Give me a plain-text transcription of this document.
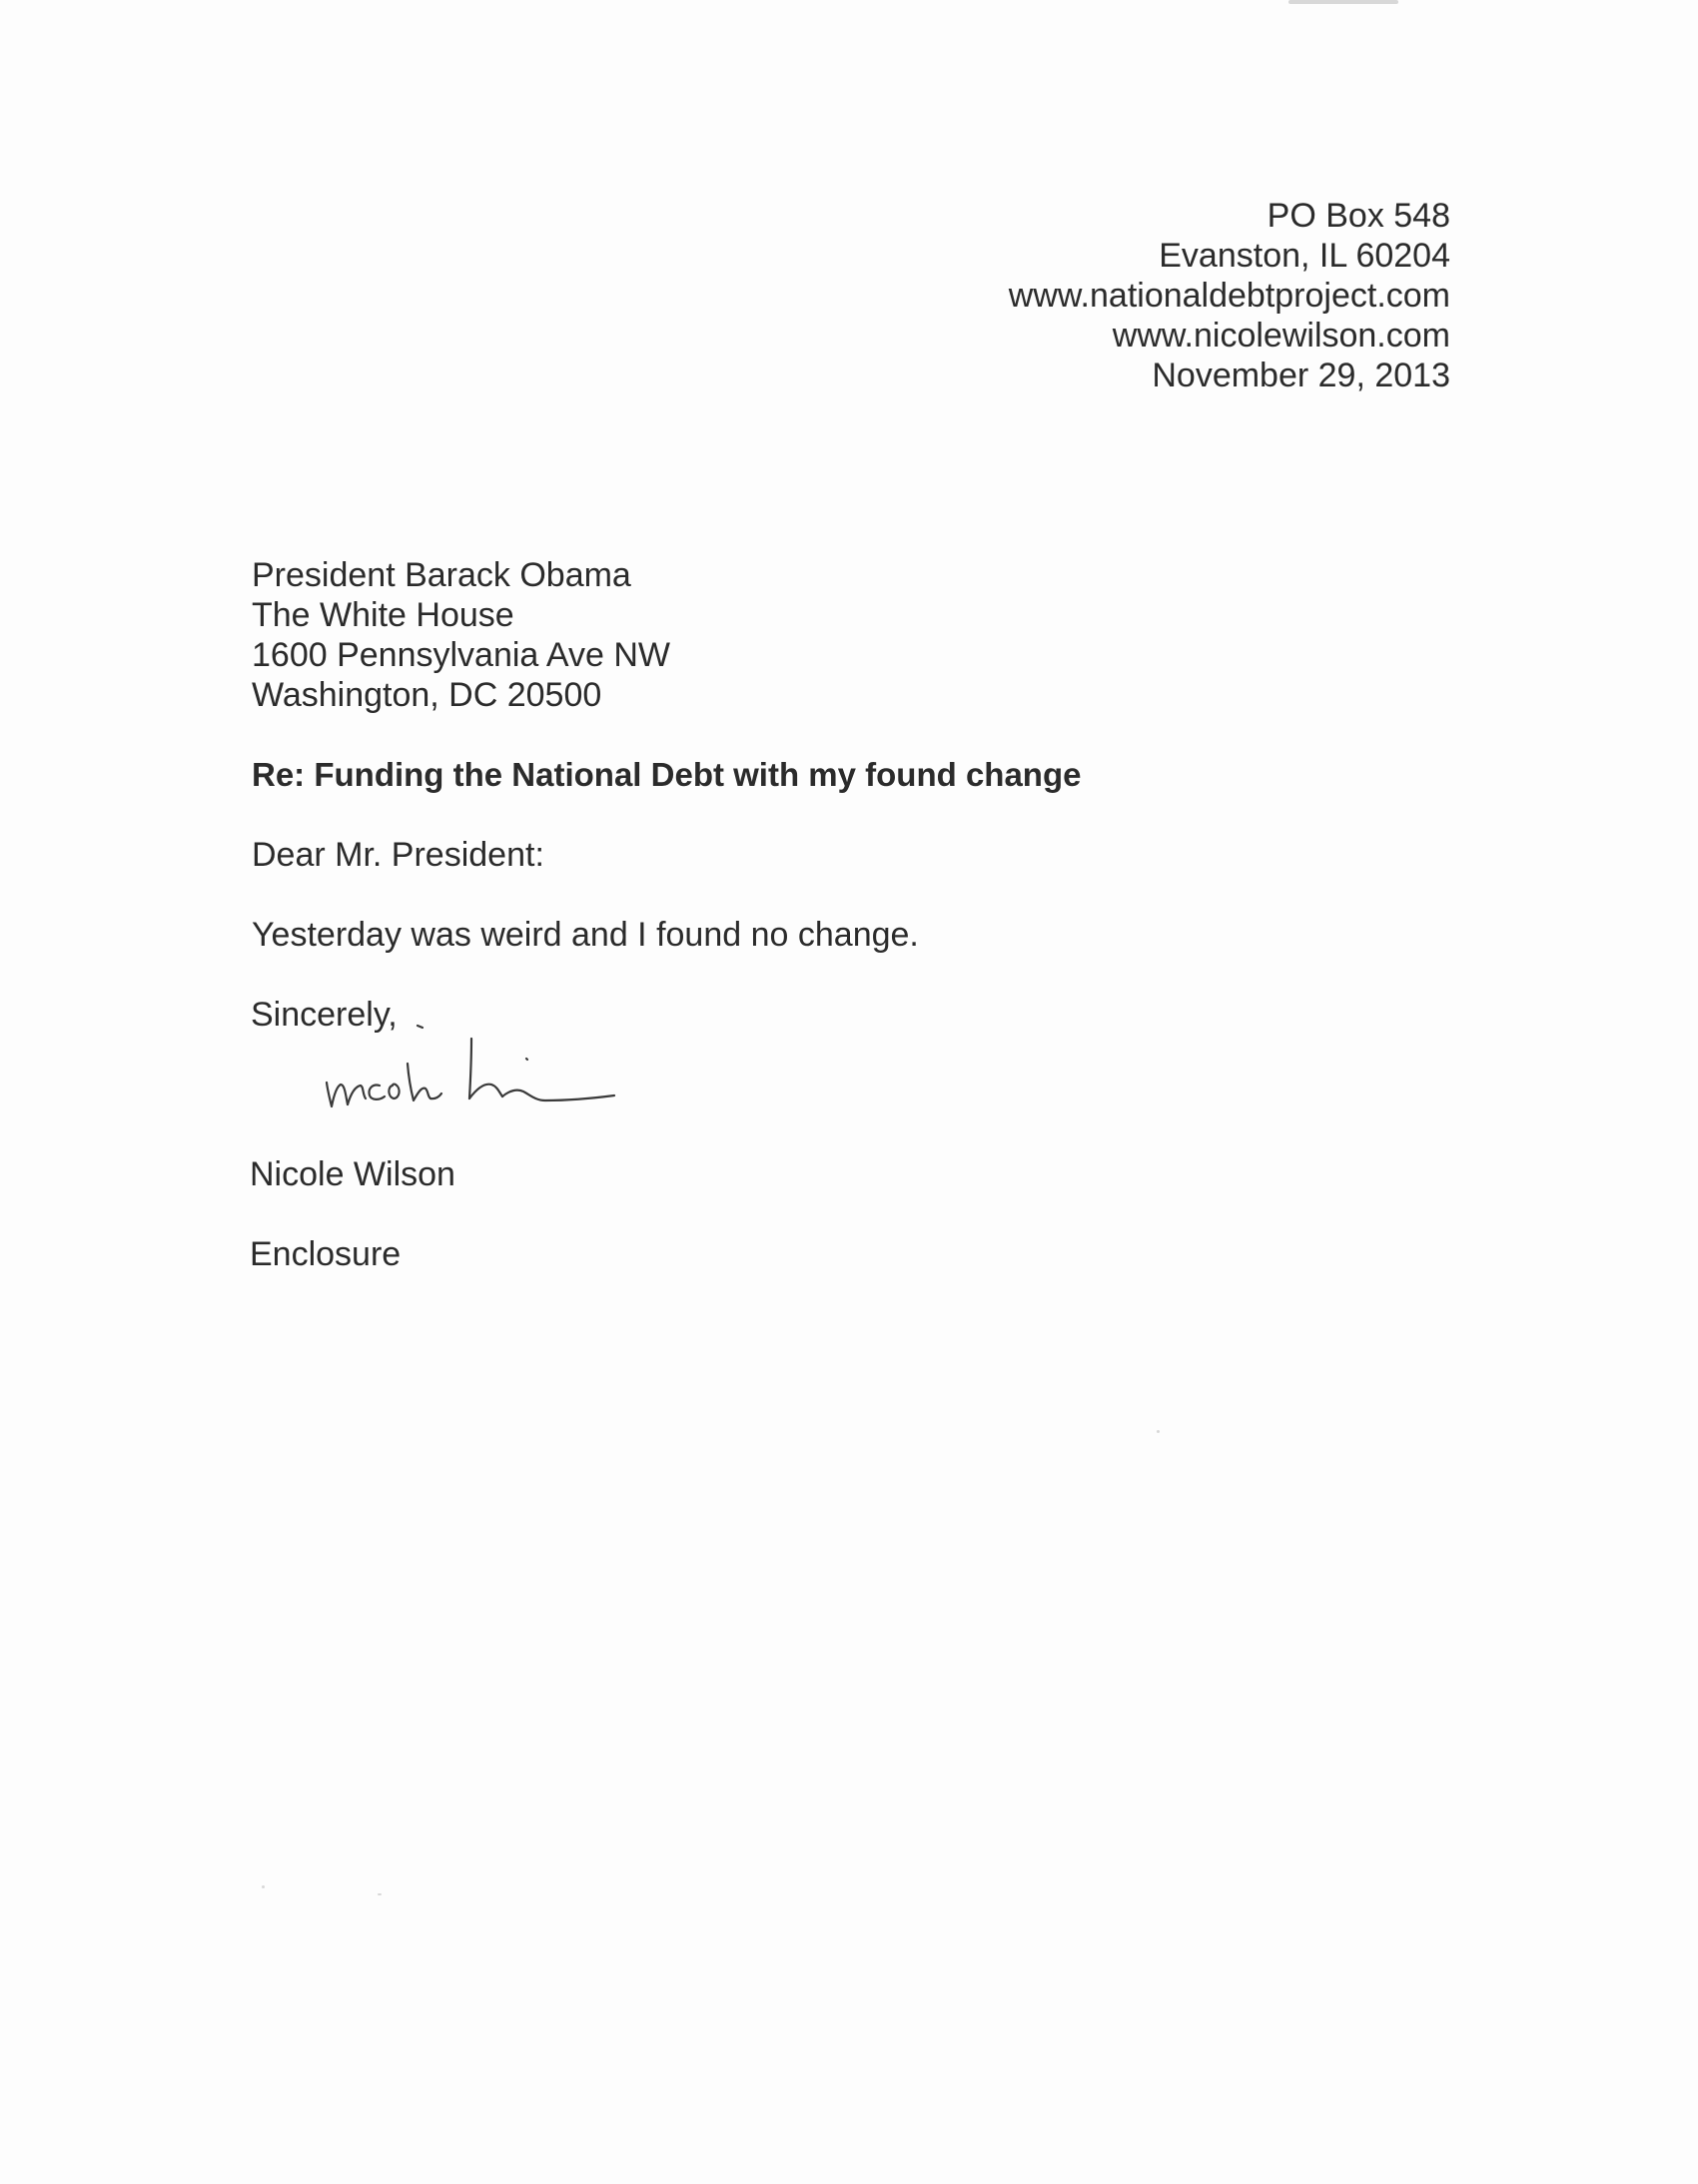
PO Box 548
Evanston, IL 60204
www.nationaldebtproject.com
www.nicolewilson.com
November 29, 2013
President Barack Obama
The White House
1600 Pennsylvania Ave NW
Washington, DC 20500
Re: Funding the National Debt with my found change
Dear Mr. President:
Yesterday was weird and I found no change.
Sincerely,
Nicole Wilson
Enclosure
